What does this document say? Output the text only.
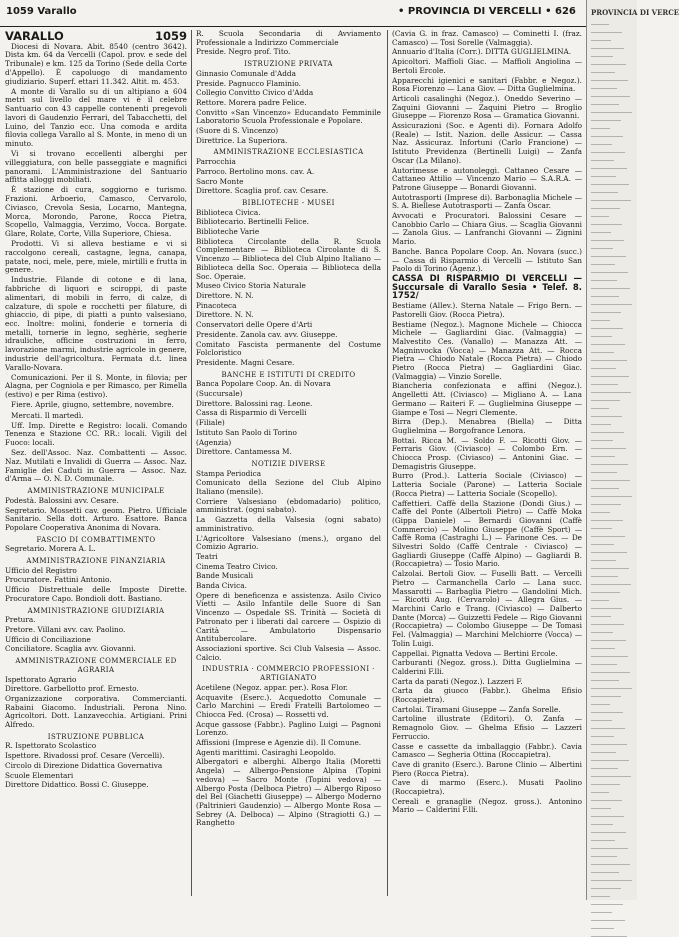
1059 Varallo	• PROVINCIA DI VERCELLI • 626	PROVINCIA DI VERCE
VARALLO	1059

Diocesi di Novara. Abit. 8540 (centro 3642). Dista km. 64 da Vercelli (Capol. prov. e sede del Tribunale) e km. 125 da Torino (Sede della Corte d'Appello). È capoluogo di mandamento giudiziario. Superf. ettari 11.342. Altit. m. 453.

A monte di Varallo su di un altipiano a 604 metri sul livello del mare vi è il celebre Santuario con 43 cappelle contenenti pregevoli lavori di Gaudenzio Ferrari, del Tabacchetti, del Luino, del Tanzio ecc. Una comoda e ardita filovia collega Varallo al S. Monte, in meno di un minuto.

Vi si trovano eccellenti alberghi per villeggiatura, con belle passeggiate e magnifici panorami. L'Amministrazione del Santuario affitta alloggi mobiliati.

È stazione di cura, soggiorno e turismo. Frazioni. Arboerio, Camasco, Cervarolo, Civiasco, Crevola Sesia, Locarno, Mantegna, Morca, Morondo, Parone, Rocca Pietra, Scopello, Valmaggia, Verzimo, Vocca. Borgate. Glare, Rolate, Corte, Villa Superiore, Chiesa.

Prodotti. Vi si alleva bestiame e vi si raccolgono cereali, castagne, legna, canapa, patate, noci, mele, pere, miele, mirtilli e frutta in genere.

Industrie. Filande di cotone e di lana, fabbriche di liquori e sciroppi, di paste alimentari, di mobili in ferro, di calze, di calzature, di spole e rocchetti per filature, di ghiaccio, di pipe, di piatti a punto valsesiano, ecc. Inoltre: molini, fonderie e torneria di metalli, tornerie in legno, seghèrie, segherie idrauliche, officine costruzioni in ferro, lavorazione marmi, industrie agricole in genere, industrie dell'agricoltura. Fermata d.t. linea Varallo-Novara.

Comunicazioni. Per il S. Monte, in filovia; per Alagna, per Cogniola e per Rimasco, per Rimella (estivo) e per Rima (estivo).

Fiere. Aprile, giugno, settembre, novembre.

Mercati. Il martedì.

Uff. Imp. Dirette e Registro: locali. Comando Tenenza e Stazione CC. RR.: locali. Vigili del Fuoco: locali.

Sez. dell'Assoc. Naz. Combattenti — Assoc. Naz. Mutilati e Invalidi di Guerra — Assoc. Naz. Famiglie dei Caduti in Guerra — Assoc. Naz. d'Arma — O. N. D. Comunale.

AMMINISTRAZIONE MUNICIPALE

Podestà. Balossini avv. Cesare.

Segretario. Mossetti cav. geom. Pietro. Ufficiale Sanitario. Sella dott. Arturo. Esattore. Banca Popolare Cooperativa Anonima di Novara.

FASCIO DI COMBATTIMENTO

Segretario. Morera A. L.

AMMINISTRAZIONE FINANZIARIA

Ufficio del Registro

Procuratore. Fattini Antonio.

Ufficio Distrettuale delle Imposte Dirette. Procuratore Capo. Bondioli dott. Bastiano.

AMMINISTRAZIONE GIUDIZIARIA

Pretura.

Pretore. Villani avv. cav. Paolino.

Ufficio di Conciliazione

Conciliatore. Scaglia avv. Giovanni.

AMMINISTRAZIONE COMMERCIALE ED AGRARIA

Ispettorato Agrario

Direttore. Garbellotto prof. Ernesto.

Organizzazione corporativa. Commercianti. Rabaini Giacomo. Industriali. Perona Nino. Agricoltori. Dott. Lanzavecchia. Artigiani. Prini Alfredo.

ISTRUZIONE PUBBLICA

R. Ispettorato Scolastico

Ispettore. Rivadossi prof. Cesare (Vercelli).

Circolo di Direzione Didattica Governativa

Scuole Elementari

Direttore Didattico. Bossi C. Giuseppe.

R. Scuola Secondaria di Avviamento Professionale a Indirizzo Commerciale

Preside. Negro prof. Tito.

ISTRUZIONE PRIVATA

Ginnasio Comunale d'Adda

Preside. Pagnucco Flaminio.

Collegio Convitto Civico d'Adda

Rettore. Morera padre Felice.

Convitto «San Vincenzo» Educandato Femminile Laboratorio Scuola Professionale e Popolare.

(Suore di S. Vincenzo)

Direttrice. La Superiora.

AMMINISTRAZIONE ECCLESIASTICA

Parrocchia

Parroco. Bertolino mons. cav. A.

Sacro Monte

Direttore. Scaglia prof. cav. Cesare.

BIBLIOTECHE - MUSEI

Biblioteca Civica.

Bibliotecario. Bertinelli Felice.

Biblioteche Varie

Biblioteca Circolante della R. Scuola Complementare — Biblioteca Circolante di S. Vincenzo — Biblioteca del Club Alpino Italiano — Biblioteca della Soc. Operaia — Biblioteca della Soc. Operaie.

Museo Civico Storia Naturale

Direttore. N. N.

Pinacoteca

Direttore. N. N.

Conservatori delle Opere d'Arti

Presidente. Zanola cav. avv. Giuseppe.

Comitato Fascista permanente del Costume Folcloristico

Presidente. Magni Cesare.

BANCHE E ISTITUTI DI CREDITO

Banca Popolare Coop. An. di Novara

(Succursale)

Direttore. Balossini rag. Leone.

Cassa di Risparmio di Vercelli

(Filiale)

Istituto San Paolo di Torino

(Agenzia)

Direttore. Cantamessa M.

NOTIZIE DIVERSE

Stampa Periodica

Comunicato della Sezione del Club Alpino Italiano (mensile).

Corriere Valsesiano (ebdomadario) politico, amministrat. (ogni sabato).

La Gazzetta della Valsesia (ogni sabato) amministrativo.

L'Agricoltore Valsesiano (mens.), organo del Comizio Agrario.

Teatri

Cinema Teatro Civico.

Bande Musicali

Banda Civica.

Opere di beneficenza e assistenza. Asilo Civico Vietti — Asilo Infantile delle Suore di San Vincenzo — Ospedale SS. Trinità — Società di Patronato per i liberati dal carcere — Ospizio di Carità — Ambulatorio Dispensario Antitubercolare.

Associazioni sportive. Sci Club Valsesia — Assoc. Calcio.

INDUSTRIA · COMMERCIO PROFESSIONI · ARTIGIANATO

Acetilene (Negoz. appar. per.). Rosa Flor.

Acquavite (Eserc.). Acquedotto Comunale — Carlo Marchini — Eredi Fratelli Bartolomeo — Chiocca Fed. (Crosa) — Rossetti vd.

Acque gassose (Fabbr.). Paglino Luigi — Pagnoni Lorenzo.

Affissioni (Imprese e Agenzie di). Il Comune.

Agenti marittimi. Casiraghi Leopoldo.

Albergatori e alberghi. Albergo Italia (Moretti Angela) — Albergo-Pensione Alpina (Topini vedova) — Sacro Monte (Topini vedova) — Albergo Posta (Delboca Pietro) — Albergo Riposo del Bel (Giachetti Giuseppe) — Albergo Moderno (Paltrinieri Gaudenzio) — Albergo Monte Rosa — Sebrey (A. Delboca) — Alpino (Stragiotti G.) — Ranghetto

(Cavia G. in fraz. Camasco) — Cominetti I. (fraz. Camasco) — Tosi Sorelle (Valmaggia).

Annuario d'Italia (Corr.). DITTA GUGLIELMINA.

Apicoltori. Maffioli Giac. — Maffioli Angiolina — Bertoli Ercole.

Apparecchi igienici e sanitari (Fabbr. e Negoz.). Rosa Fiorenzo — Lana Giov. — Ditta Guglielmina.

Articoli casalinghi (Negoz.). Oneddo Severino — Zaquini Giovanni — Zaquini Pietro — Broglio Giuseppe — Fiorenzo Rosa — Gramatica Giovanni.

Assicurazioni (Soc. e Agenti di). Fornara Adolfo (Reale) — Istit. Nazion. delle Assicur. — Cassa Naz. Assicuraz. Infortuni (Carlo Francione) — Istituto Previdenza (Bertinelli Luigi) — Zanfa Oscar (La Milano).

Autorimesse e autonoleggi. Cattaneo Cesare — Cattaneo Attilio — Vincenzo Mario — S.A.R.A. — Patrone Giuseppe — Bonardi Giovanni.

Autotrasporti (Imprese di). Barbonaglia Michele — S. A. Biellese Autotrasporti — Zanfa Oscar.

Avvocati e Procuratori. Balossini Cesare — Canobbio Carlo — Chiara Gius. — Scaglia Giovanni — Zanola Gius. — Lanfranchi Giovanni — Zignini Mario.

Banche. Banca Popolare Coop. An. Novara (succ.) — Cassa di Risparmio di Vercelli — Istituto San Paolo di Torino (Agenz.).

CASSA DI RISPARMIO DI VERCELLI — Succursale di Varallo Sesia • Telef. 8. 1752/

Bestiame (Allev.). Sterna Natale — Frigo Bern. — Pastorelli Giov. (Rocca Pietra).

Bestiame (Negoz.). Magnone Michele — Chiocca Michele — Gagliardini Giac. (Valmaggia) — Malvestito Ces. (Vanallo) — Manazza Att. — Magninvocka (Vocca) — Manazza Att. — Rocca Pietra — Chiodo Natale (Rocca Pietra) — Chiodo Pietro (Rocca Pietra) — Gagliardini Giac. (Valmaggia) — Vinzio Sorelle.

Biancheria confezionata e affini (Negoz.). Angelletti Att. (Civiasco) — Migliano A. — Lana Germano — Raiteri F. — Guglielmina Giuseppe — Giampe e Tosi — Negri Clemente.

Birra (Dep.). Menabrea (Biella) — Ditta Guglielmina — Borgofrance Lenora.

Bottai. Ricca M. — Soldo F. — Ricotti Giov. — Ferraris Giov. (Civiasco) — Colombo Ern. — Chiocca Prosp. (Civiasco) — Antonini Giac. — Demagistris Giuseppe.

Burro (Prod.). Latteria Sociale (Civiasco) — Latteria Sociale (Parone) — Latteria Sociale (Rocca Pietra) — Latteria Sociale (Scopello).

Caffettieri. Caffè della Stazione (Dondi Gius.) — Caffè del Ponte (Albertoli Pietro) — Caffè Moka (Gippa Daniele) — Bernardi Giovanni (Caffè Commercio) — Molino Giuseppe (Caffè Sport) — Caffè Roma (Castraghi L.) — Farinone Ces. — De Silvestri Soldo (Caffè Centrale - Civiasco) — Gagliardi Giuseppe (Caffè Alpino) — Gagliardi B. (Roccapietra) — Tosio Mario.

Calzolai. Bertoli Giov. — Fuselli Batt. — Vercelli Pietro — Carmanchella Carlo — Lana succ. Massarotti — Barbaglia Pietro — Gandolini Mich. — Ricotti Aug. (Cervarolo) — Allegra Gius. — Marchini Carlo e Trang. (Civiasco) — Dalberto Dante (Morca) — Guizzetti Fedele — Rigo Giovanni (Roccapietra) — Colombo Giuseppe — De Tomasi Fel. (Valmaggia) — Marchini Melchiorre (Vocca) — Tolin Luigi.

Cappellai. Pignatta Vedova — Bertini Ercole.

Carburanti (Negoz. gross.). Ditta Guglielmina — Calderini F.lli.

Carta da parati (Negoz.). Lazzeri F.

Carta da giuoco (Fabbr.). Ghelma Efisio (Roccapietra).

Cartolai. Tiramani Giuseppe — Zanfa Sorelle.

Cartoline illustrate (Editori). O. Zanfa — Remagnolo Giov. — Ghelma Efisio — Lazzeri Ferruccio.

Casse e cassette da imballaggio (Fabbr.). Cavia Camasco — Segheria Ottina (Roccapietra).

Cave di granito (Eserc.). Barone Clinio — Albertini Piero (Rocca Pietra).

Cave di marmo (Eserc.). Musati Paolino (Roccapietra).

Cereali e granaglie (Negoz. gross.). Antonino Mario — Calderini F.lli.
